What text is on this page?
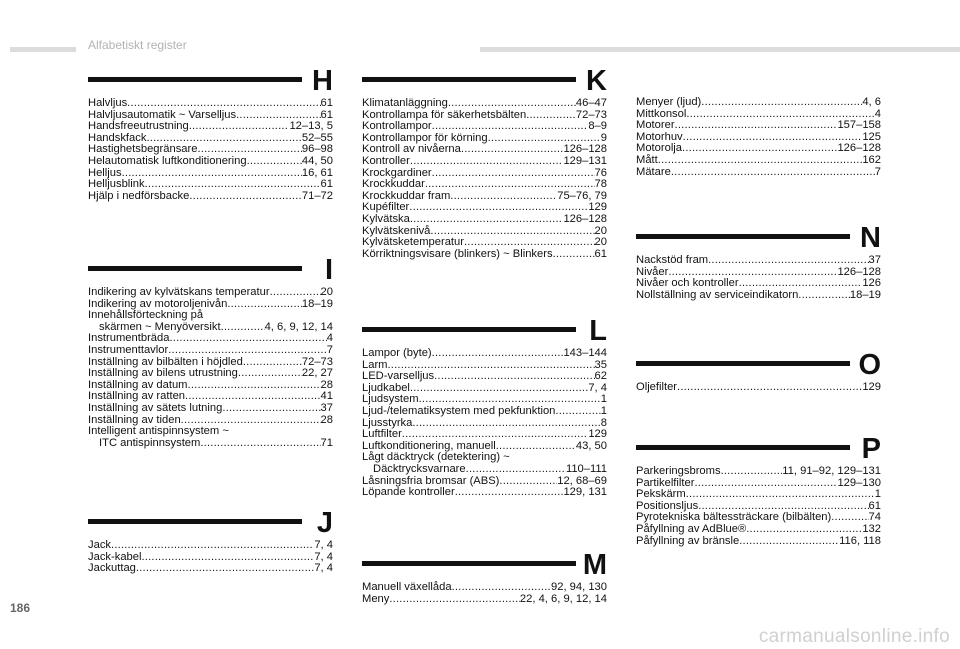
Alfabetiskt register
H
Halvljus .....	61
Halvljusautomatik ~ Varselljus .....	61
Handsfreeutrustning .....	12–13, 5
Handskfack .....	52–55
Hastighetsbegränsare .....	96–98
Helautomatisk luftkonditionering .....	44, 50
Helljus .....	16, 61
Helljusblink .....	61
Hjälp i nedförsbacke .....	71–72
I
Indikering av kylvätskans temperatur .....	20
Indikering av motoroljenivån .....	18–19
Innehållsförteckning på
skärmen ~ Menyöversikt .....	4, 6, 9, 12, 14
Instrumentbräda .....	4
Instrumenttavlor .....	7
Inställning av bilbälten i höjdled .....	72–73
Inställning av bilens utrustning .....	22, 27
Inställning av datum .....	28
Inställning av ratten .....	41
Inställning av sätets lutning .....	37
Inställning av tiden .....	28
Intelligent antispinnsystem ~
ITC antispinnsystem .....	71
J
Jack .....	7, 4
Jack-kabel .....	7, 4
Jackuttag .....	7, 4
K
Klimatanläggning .....	46–47
Kontrollampa för säkerhetsbälten .....	72–73
Kontrollampor .....	8–9
Kontrollampor för körning .....	9
Kontroll av nivåerna .....	126–128
Kontroller .....	129–131
Krockgardiner .....	76
Krockkuddar .....	78
Krockkuddar fram .....	75–76, 79
Kupéfilter .....	129
Kylvätska .....	126–128
Kylvätskenivå .....	20
Kylvätsketemperatur .....	20
Körriktningsvisare (blinkers) ~ Blinkers .....	61
L
Lampor (byte) .....	143–144
Larm .....	35
LED-varselljus .....	62
Ljudkabel .....	7, 4
Ljudsystem .....	1
Ljud-/telematiksystem med pekfunktion .....	1
Ljusstyrka .....	8
Luftfilter .....	129
Luftkonditionering, manuell .....	43, 50
Lågt däcktryck (detektering) ~
Däcktrycksvarnare .....	110–111
Låsningsfria bromsar (ABS) .....	12, 68–69
Löpande kontroller .....	129, 131
M
Manuell växellåda .....	92, 94, 130
Meny .....	22, 4, 6, 9, 12, 14
Menyer (ljud) .....	4, 6
Mittkonsol .....	4
Motorer .....	157–158
Motorhuv .....	125
Motorolja .....	126–128
Mått .....	162
Mätare .....	7
N
Nackstöd fram .....	37
Nivåer .....	126–128
Nivåer och kontroller .....	126
Nollställning av serviceindikatorn .....	18–19
O
Oljefilter .....	129
P
Parkeringsbroms .....	11, 91–92, 129–131
Partikelfilter .....	129–130
Pekskärm .....	1
Positionsljus .....	61
Pyrotekniska bältessträckare (bilbälten) .....	74
Påfyllning av AdBlue® .....	132
Påfyllning av bränsle .....	116, 118
186
carmanualsonline.info
